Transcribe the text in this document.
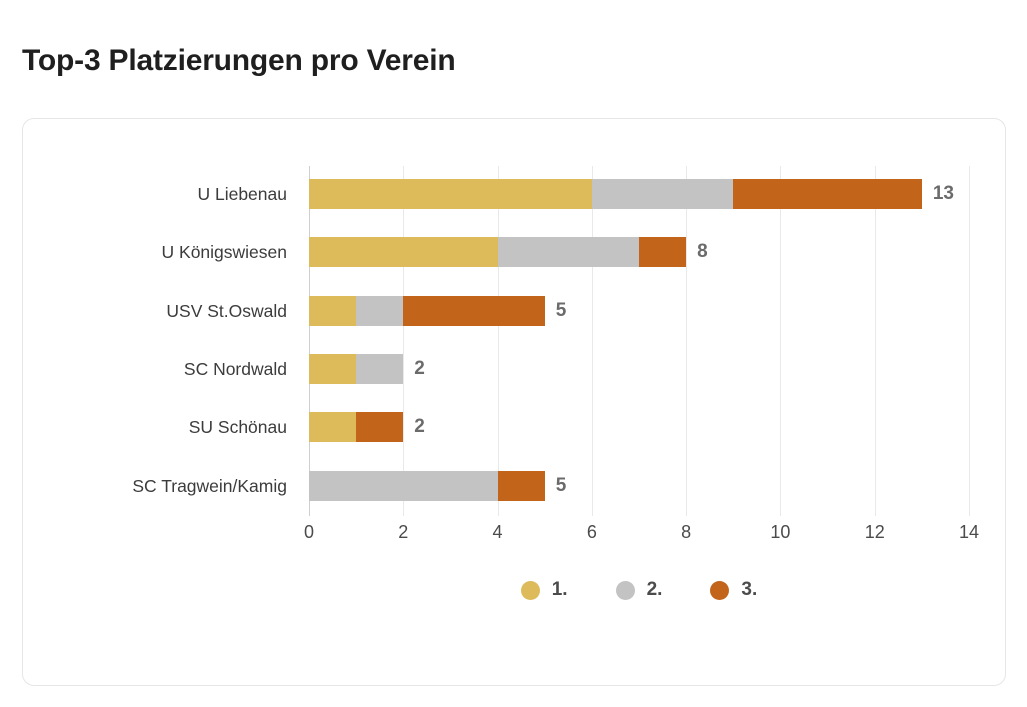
Top-3 Platzierungen pro Verein
0	2	4	6	8	10	12	14
U Liebenau	13
U Königswiesen	8
USV St.Oswald	5
SC Nordwald	2
SU Schönau	2
SC Tragwein/Kamig	5
1.	2.	3.
